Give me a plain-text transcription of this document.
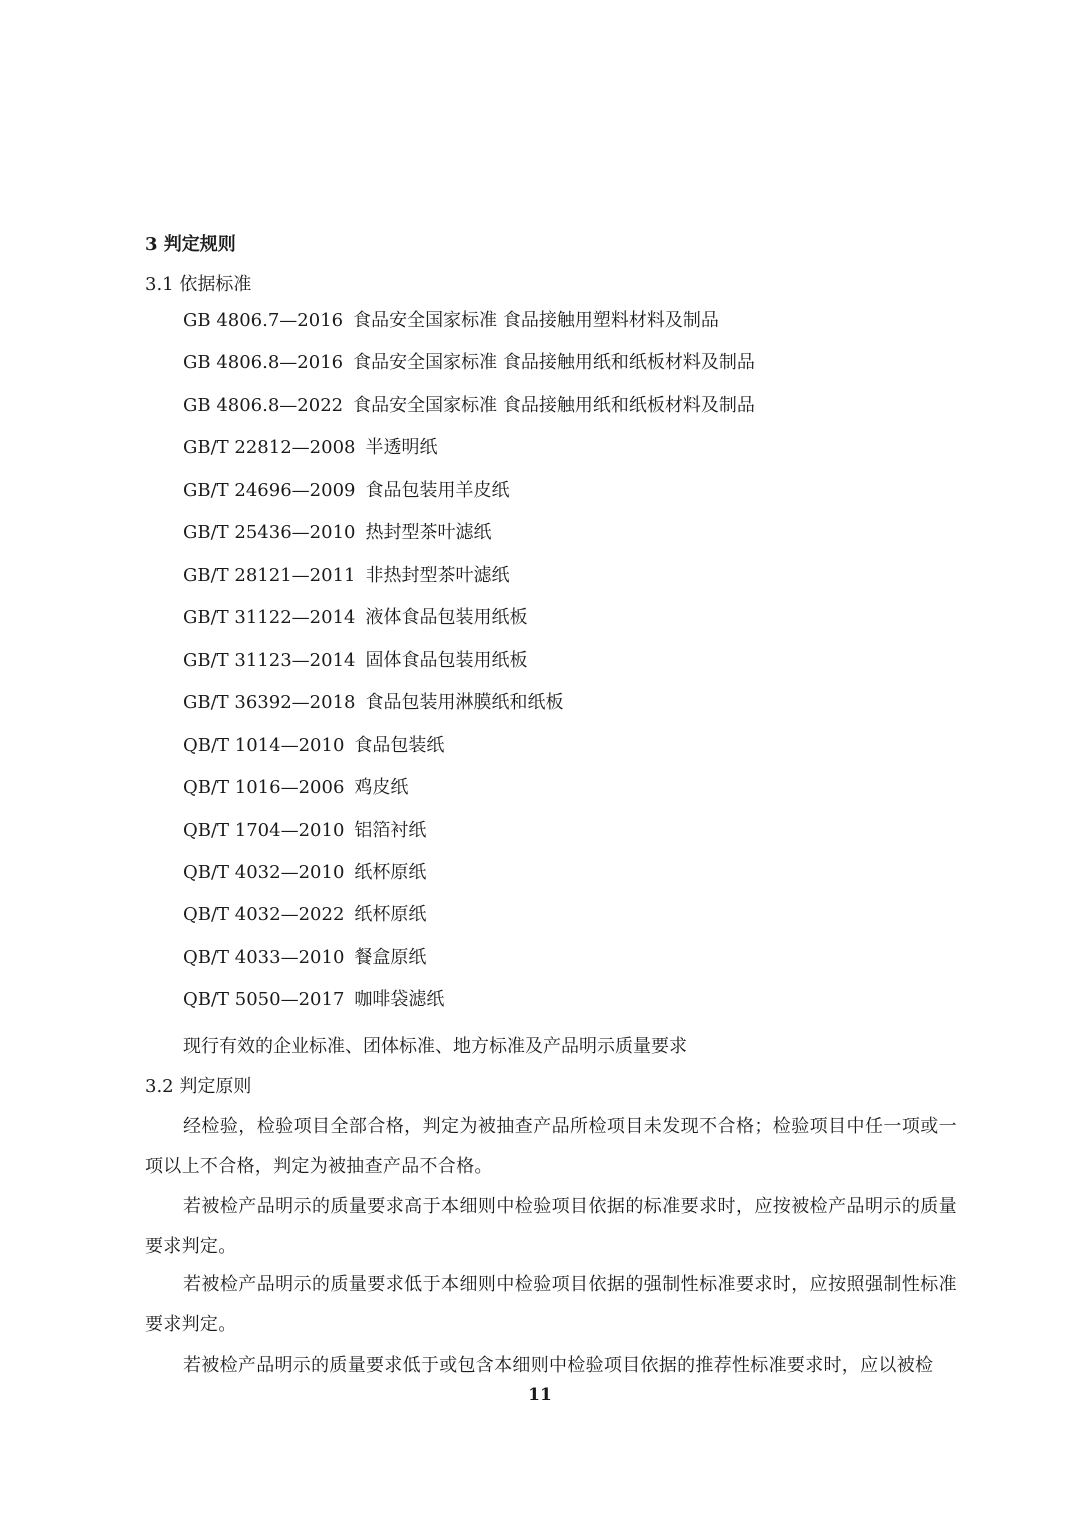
3 判定规则
3.1 依据标准

GB 4806.7—2016 食品安全国家标准 食品接触用塑料材料及制品

GB 4806.8—2016 食品安全国家标准 食品接触用纸和纸板材料及制品

GB 4806.8—2022 食品安全国家标准 食品接触用纸和纸板材料及制品

GB/T 22812—2008 半透明纸

GB/T 24696—2009 食品包装用羊皮纸

GB/T 25436—2010 热封型茶叶滤纸

GB/T 28121—2011 非热封型茶叶滤纸

GB/T 31122—2014 液体食品包装用纸板

GB/T 31123—2014 固体食品包装用纸板

GB/T 36392—2018 食品包装用淋膜纸和纸板

QB/T 1014—2010 食品包装纸

QB/T 1016—2006 鸡皮纸

QB/T 1704—2010 铝箔衬纸

QB/T 4032—2010 纸杯原纸

QB/T 4032—2022 纸杯原纸

QB/T 4033—2010 餐盒原纸

QB/T 5050—2017 咖啡袋滤纸

现行有效的企业标准、团体标准、地方标准及产品明示质量要求

3.2 判定原则

经检验，检验项目全部合格，判定为被抽查产品所检项目未发现不合格；检验项目中任一项或一项以上不合格，判定为被抽查产品不合格。

若被检产品明示的质量要求高于本细则中检验项目依据的标准要求时，应按被检产品明示的质量要求判定。

若被检产品明示的质量要求低于本细则中检验项目依据的强制性标准要求时，应按照强制性标准要求判定。

若被检产品明示的质量要求低于或包含本细则中检验项目依据的推荐性标准要求时，应以被检

11
